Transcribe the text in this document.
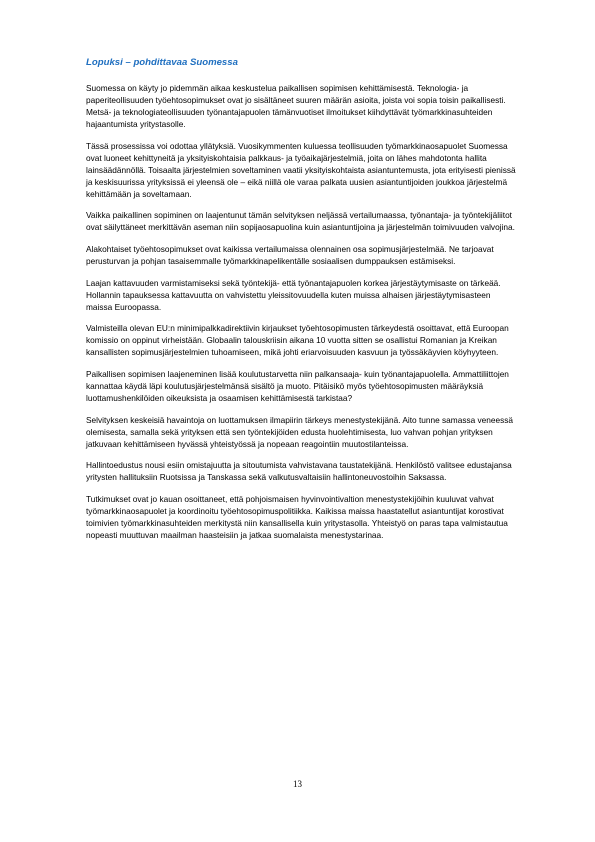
Lopuksi – pohdittavaa Suomessa

Suomessa on käyty jo pidemmän aikaa keskustelua paikallisen sopimisen kehittämisestä. Teknologia- ja paperiteollisuuden työehtosopimukset ovat jo sisältäneet suuren määrän asioita, joista voi sopia toisin paikallisesti. Metsä- ja teknologiateollisuuden työnantajapuolen tämänvuotiset ilmoitukset kiihdyttävät työmarkkinasuhteiden hajaantumista yritystasolle.

Tässä prosessissa voi odottaa yllätyksiä. Vuosikymmenten kuluessa teollisuuden työmarkkinaosapuolet Suomessa ovat luoneet kehittyneitä ja yksityiskohtaisia palkkaus- ja työaikajärjestelmiä, joita on lähes mahdotonta hallita lainsäädännöllä. Toisaalta järjestelmien soveltaminen vaatii yksityiskohtaista asiantuntemusta, jota erityisesti pienissä ja keskisuurissa yrityksissä ei yleensä ole – eikä niillä ole varaa palkata uusien asiantuntijoiden joukkoa järjestelmä kehittämään ja soveltamaan.

Vaikka paikallinen sopiminen on laajentunut tämän selvityksen neljässä vertailumaassa, työnantaja- ja työntekijäliitot ovat säilyttäneet merkittävän aseman niin sopijaosapuolina kuin asiantuntijoina ja järjestelmän toimivuuden valvojina.

Alakohtaiset työehtosopimukset ovat kaikissa vertailumaissa olennainen osa sopimusjärjestelmää. Ne tarjoavat perusturvan ja pohjan tasaisemmalle työmarkkinapelikentälle sosiaalisen dumppauksen estämiseksi.

Laajan kattavuuden varmistamiseksi sekä työntekijä- että työnantajapuolen korkea järjestäytymisaste on tärkeää. Hollannin tapauksessa kattavuutta on vahvistettu yleissitovuudella kuten muissa alhaisen järjestäytymisasteen maissa Euroopassa.

Valmisteilla olevan EU:n minimipalkkadirektiivin kirjaukset työehtosopimusten tärkeydestä osoittavat, että Euroopan komissio on oppinut virheistään. Globaalin talouskriisin aikana 10 vuotta sitten se osallistui Romanian ja Kreikan kansallisten sopimusjärjestelmien tuhoamiseen, mikä johti eriarvoisuuden kasvuun ja työssäkäyvien köyhyyteen.

Paikallisen sopimisen laajeneminen lisää koulutustarvetta niin palkansaaja- kuin työnantajapuolella. Ammattiliittojen kannattaa käydä läpi koulutusjärjestelmänsä sisältö ja muoto. Pitäisikö myös työehtosopimusten määräyksiä luottamushenkilöiden oikeuksista ja osaamisen kehittämisestä tarkistaa?

Selvityksen keskeisiä havaintoja on luottamuksen ilmapiirin tärkeys menestystekijänä. Aito tunne samassa veneessä olemisesta, samalla sekä yrityksen että sen työntekijöiden edusta huolehtimisesta, luo vahvan pohjan yrityksen jatkuvaan kehittämiseen hyvässä yhteistyössä ja nopeaan reagointiin muutostilanteissa.

Hallintoedustus nousi esiin omistajuutta ja sitoutumista vahvistavana taustatekijänä. Henkilöstö valitsee edustajansa yritysten hallituksiin Ruotsissa ja Tanskassa sekä valkutusvaltaisiin hallintoneuvostoihin Saksassa.

Tutkimukset ovat jo kauan osoittaneet, että pohjoismaisen hyvinvointivaltion menestystekijöihin kuuluvat vahvat työmarkkinaosapuolet ja koordinoitu työehtosopimuspolitiikka. Kaikissa maissa haastatellut asiantuntijat korostivat toimivien työmarkkinasuhteiden merkitystä niin kansallisella kuin yritystasolla. Yhteistyö on paras tapa valmistautua nopeasti muuttuvan maailman haasteisiin ja jatkaa suomalaista menestystarinaa.

13
